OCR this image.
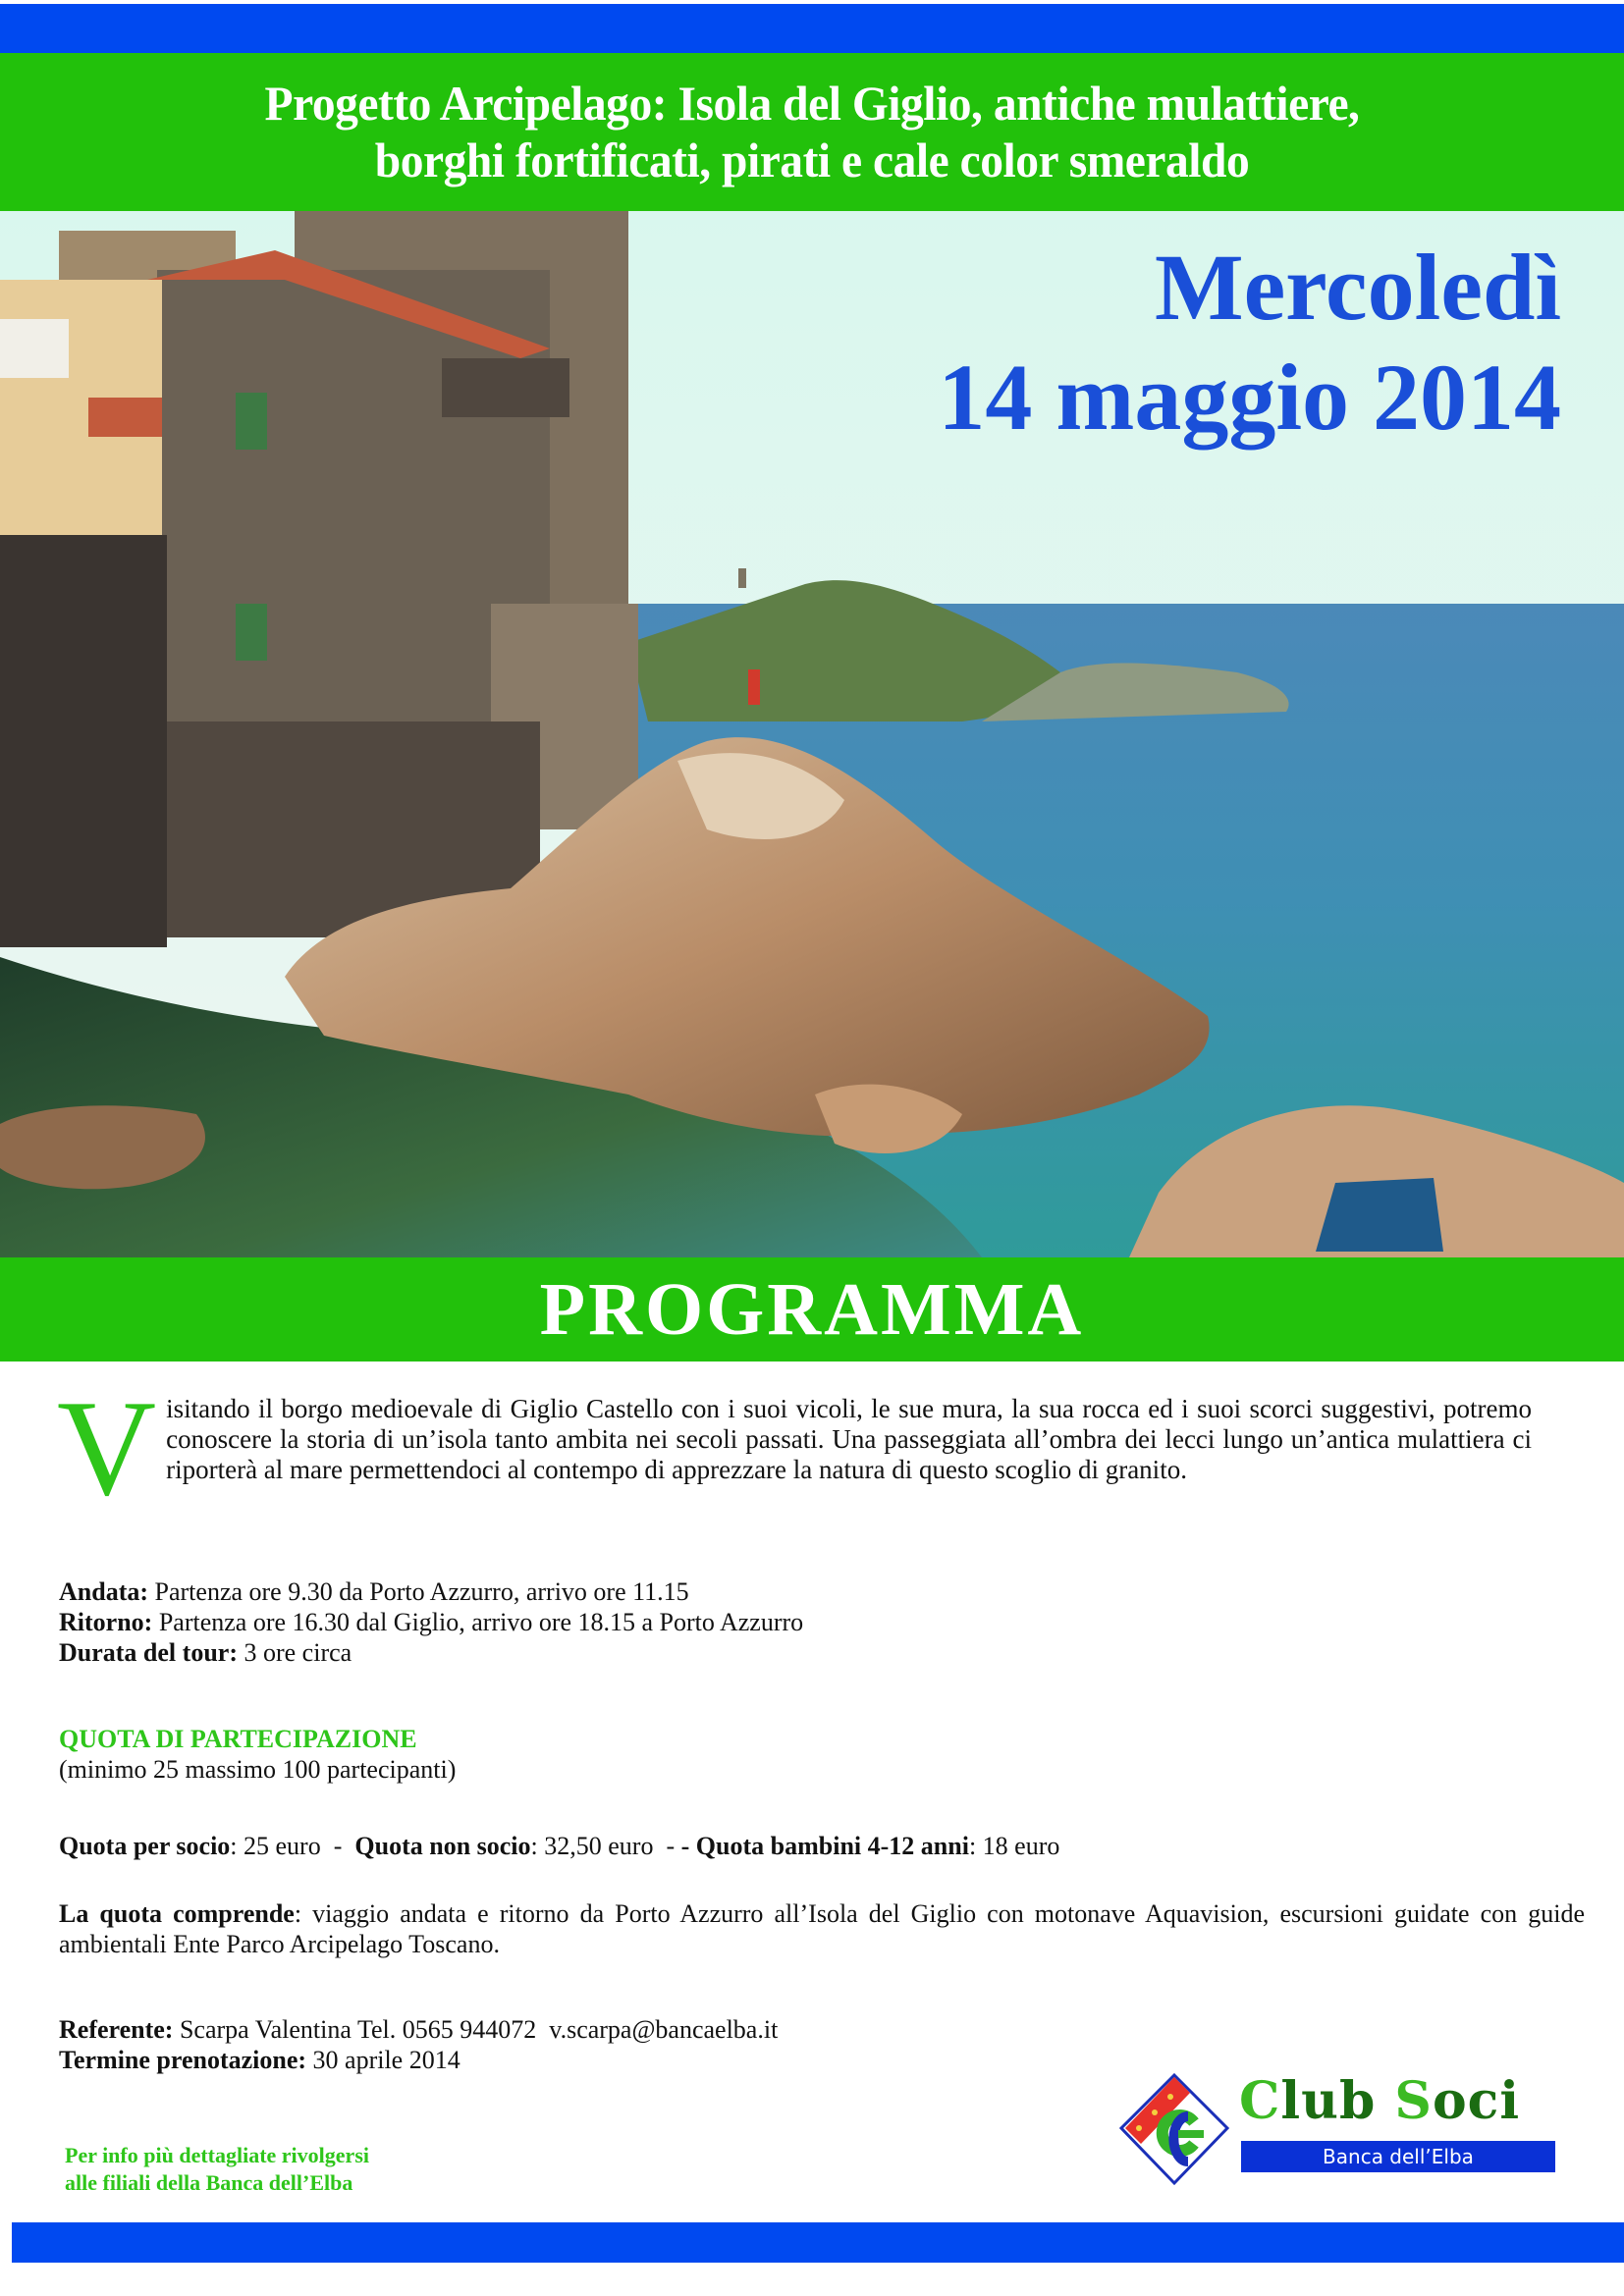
Progetto Arcipelago: Isola del Giglio, antiche mulattiere,
borghi fortificati, pirati e cale color smeraldo
Mercoledì
14 maggio 2014
PROGRAMMA
Visitando il borgo medioevale di Giglio Castello con i suoi vicoli, le sue mura, la sua rocca ed i suoi scorci suggestivi, potremo conoscere la storia di un’isola tanto ambita nei secoli passati. Una passeggiata all’ombra dei lecci lungo un’antica mulattiera ci riporterà al mare permettendoci al contempo di apprezzare la natura di questo scoglio di granito.
Andata: Partenza ore 9.30 da Porto Azzurro, arrivo ore 11.15
Ritorno: Partenza ore 16.30 dal Giglio, arrivo ore 18.15 a Porto Azzurro
Durata del tour: 3 ore circa
QUOTA DI PARTECIPAZIONE
(minimo 25 massimo 100 partecipanti)
Quota per socio: 25 euro  -  Quota non socio: 32,50 euro  - - Quota bambini 4-12 anni: 18 euro
La quota comprende: viaggio andata e ritorno da Porto Azzurro all’Isola del Giglio con motonave Aquavision, escursioni guidate con guide ambientali Ente Parco Arcipelago Toscano.
Referente: Scarpa Valentina Tel. 0565 944072  v.scarpa@bancaelba.it
Termine prenotazione: 30 aprile 2014
Per info più dettagliate rivolgersi
alle filiali della Banca dell’Elba
Club Soci
Banca dell’Elba
